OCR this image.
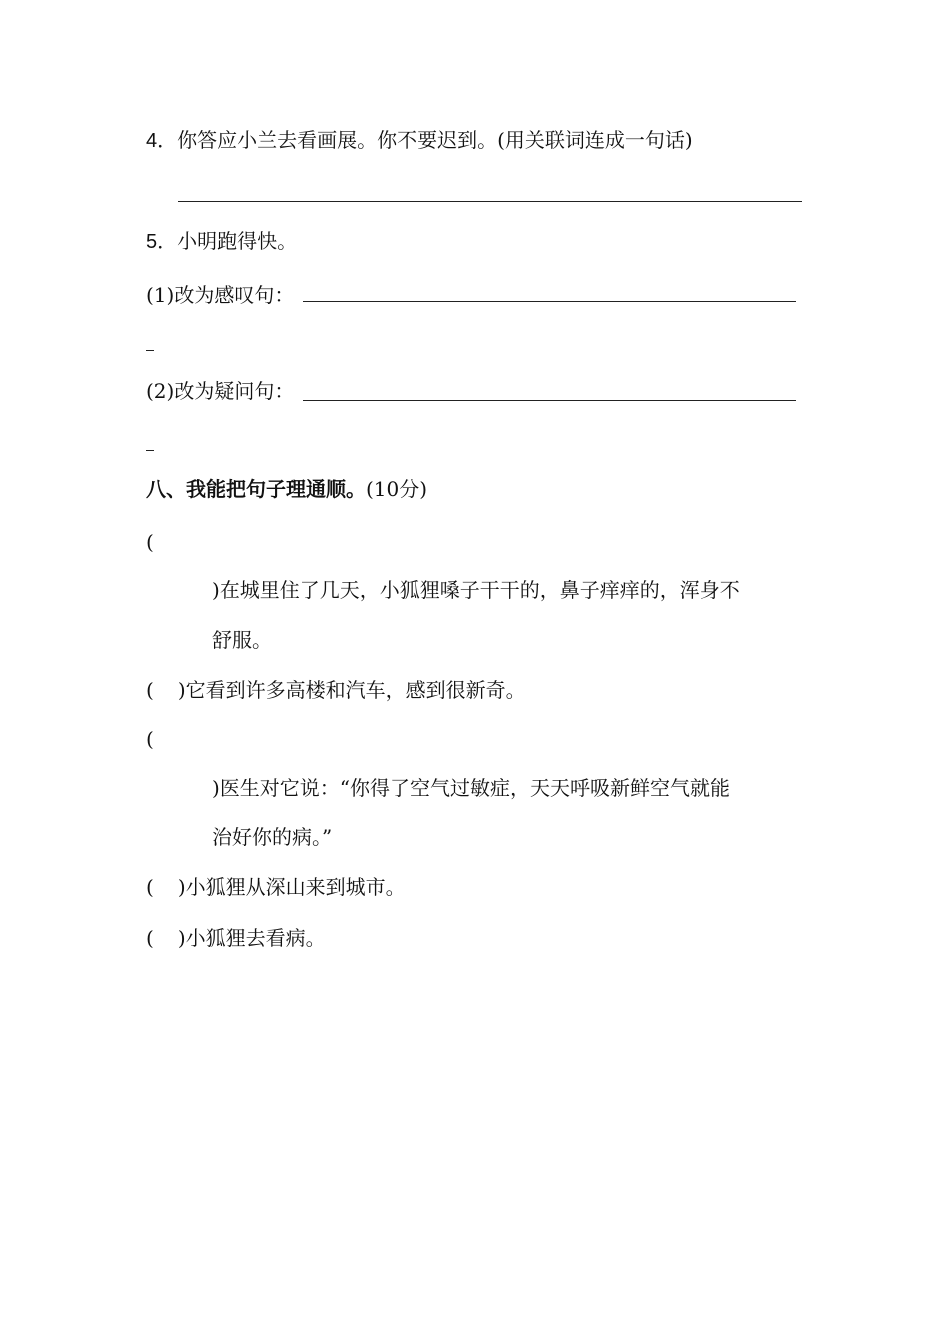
4．你答应小兰去看画展。你不要迟到。(用关联词连成一句话)
5．小明跑得快。
(1)改为感叹句：
(2)改为疑问句：
八、我能把句子理通顺。(10分)
(
)在城里住了几天，小狐狸嗓子干干的，鼻子痒痒的，浑身不
舒服。
( )它看到许多高楼和汽车，感到很新奇。
(
)医生对它说：“你得了空气过敏症，天天呼吸新鲜空气就能
治好你的病。”
( )小狐狸从深山来到城市。
( )小狐狸去看病。
